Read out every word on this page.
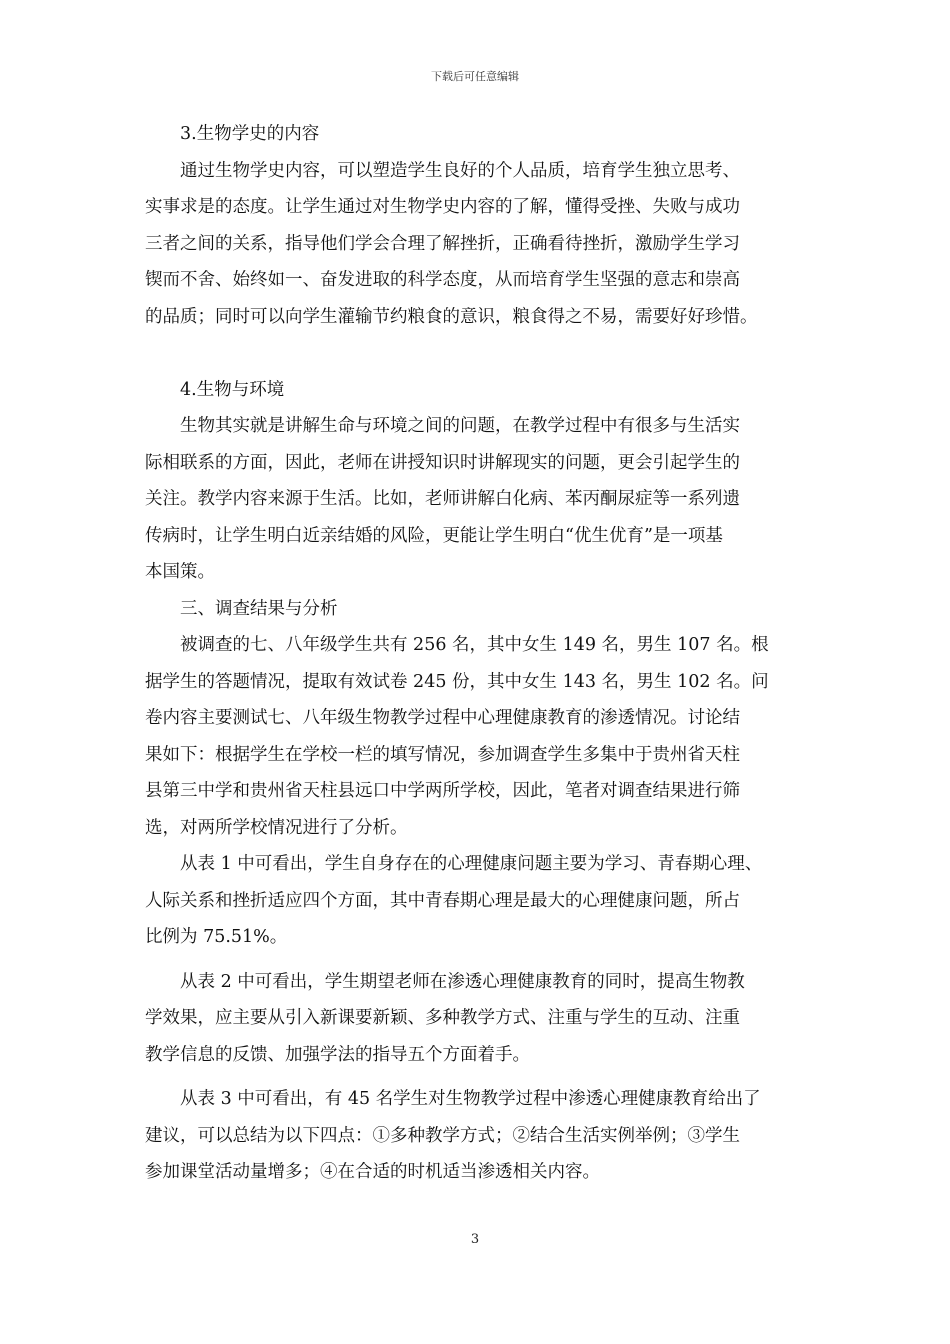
下载后可任意编辑
3.生物学史的内容
通过生物学史内容，可以塑造学生良好的个人品质，培育学生独立思考、
实事求是的态度。让学生通过对生物学史内容的了解，懂得受挫、失败与成功
三者之间的关系，指导他们学会合理了解挫折，正确看待挫折，激励学生学习
锲而不舍、始终如一、奋发进取的科学态度，从而培育学生坚强的意志和崇高
的品质；同时可以向学生灌输节约粮食的意识，粮食得之不易，需要好好珍惜。
4.生物与环境
生物其实就是讲解生命与环境之间的问题，在教学过程中有很多与生活实
际相联系的方面，因此，老师在讲授知识时讲解现实的问题，更会引起学生的
关注。教学内容来源于生活。比如，老师讲解白化病、苯丙酮尿症等一系列遗
传病时，让学生明白近亲结婚的风险，更能让学生明白“优生优育”是一项基
本国策。
三、调查结果与分析
被调查的七、八年级学生共有 256 名，其中女生 149 名，男生 107 名。根
据学生的答题情况，提取有效试卷 245 份，其中女生 143 名，男生 102 名。问
卷内容主要测试七、八年级生物教学过程中心理健康教育的渗透情况。讨论结
果如下：根据学生在学校一栏的填写情况，参加调查学生多集中于贵州省天柱
县第三中学和贵州省天柱县远口中学两所学校，因此，笔者对调查结果进行筛
选，对两所学校情况进行了分析。
从表 1 中可看出，学生自身存在的心理健康问题主要为学习、青春期心理、
人际关系和挫折适应四个方面，其中青春期心理是最大的心理健康问题，所占
比例为 75.51%。
从表 2 中可看出，学生期望老师在渗透心理健康教育的同时，提高生物教
学效果，应主要从引入新课要新颖、多种教学方式、注重与学生的互动、注重
教学信息的反馈、加强学法的指导五个方面着手。
从表 3 中可看出，有 45 名学生对生物教学过程中渗透心理健康教育给出了
建议，可以总结为以下四点：①多种教学方式；②结合生活实例举例；③学生
参加课堂活动量增多；④在合适的时机适当渗透相关内容。
3
